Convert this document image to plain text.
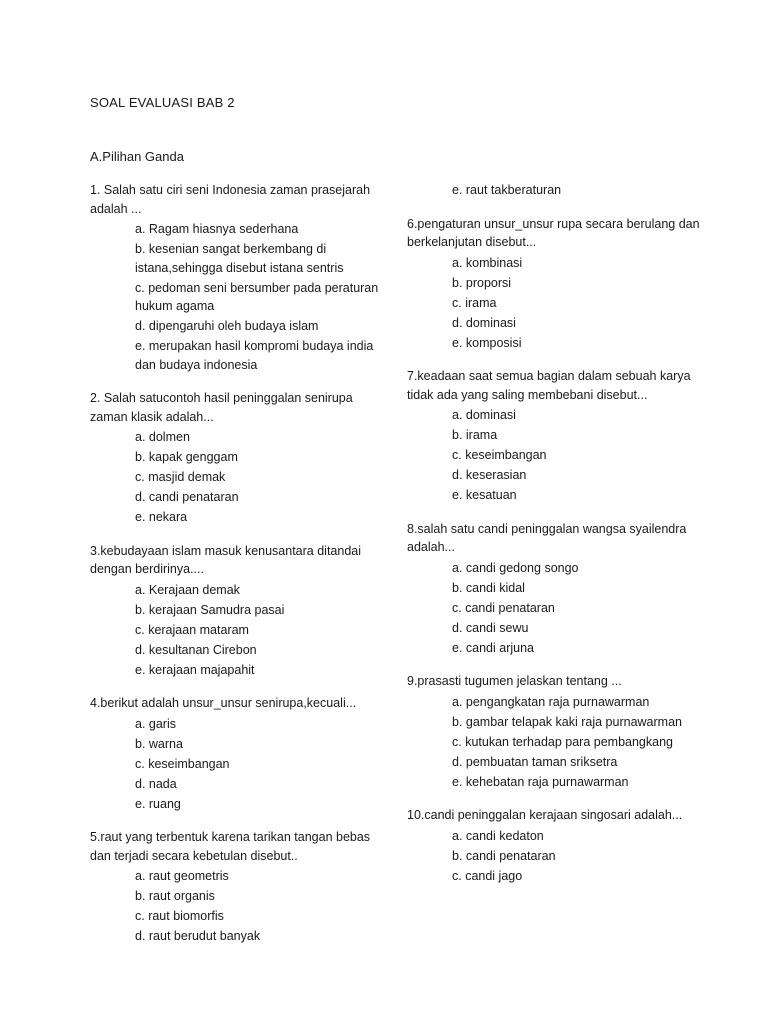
SOAL EVALUASI BAB 2
A.Pilihan Ganda

1. Salah satu ciri seni Indonesia zaman prasejarah adalah ...

a. Ragam hiasnya sederhana
b. kesenian sangat berkembang di istana,sehingga disebut istana sentris
c. pedoman seni bersumber pada peraturan hukum agama
d. dipengaruhi oleh budaya islam
e. merupakan hasil kompromi budaya india dan budaya indonesia

2. Salah satucontoh hasil peninggalan senirupa zaman klasik adalah...

a. dolmen
b. kapak genggam
c. masjid demak
d. candi penataran
e. nekara

3.kebudayaan islam masuk kenusantara ditandai dengan berdirinya....

a. Kerajaan demak
b. kerajaan Samudra pasai
c. kerajaan mataram
d. kesultanan Cirebon
e. kerajaan majapahit

4.berikut adalah unsur_unsur senirupa,kecuali...

a. garis
b. warna
c. keseimbangan
d. nada
e. ruang

5.raut yang terbentuk karena tarikan tangan bebas dan terjadi secara kebetulan disebut..

a. raut geometris
b. raut organis
c. raut biomorfis
d. raut berudut banyak
e. raut takberaturan

6.pengaturan unsur_unsur rupa secara berulang dan berkelanjutan disebut...

a. kombinasi
b. proporsi
c. irama
d. dominasi
e. komposisi

7.keadaan saat semua bagian dalam sebuah karya tidak ada yang saling membebani disebut...

a. dominasi
b. irama
c. keseimbangan
d. keserasian
e. kesatuan

8.salah satu candi peninggalan wangsa syailendra adalah...

a. candi gedong songo
b. candi kidal
c. candi penataran
d. candi sewu
e. candi arjuna

9.prasasti tugumen jelaskan tentang ...

a. pengangkatan raja purnawarman
b. gambar telapak kaki raja purnawarman
c. kutukan terhadap para pembangkang
d. pembuatan taman sriksetra
e. kehebatan raja purnawarman

10.candi peninggalan kerajaan singosari adalah...

a. candi kedaton
b. candi penataran
c. candi jago
